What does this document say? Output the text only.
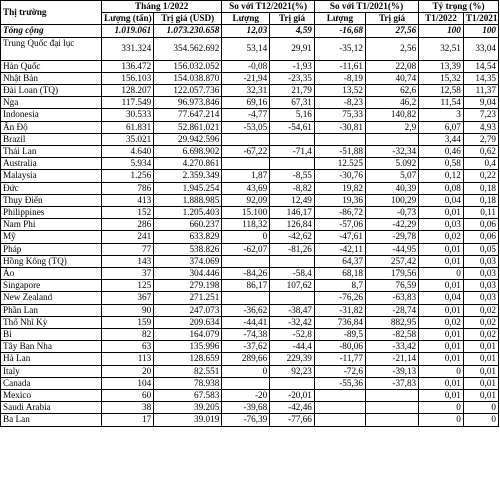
Thị trường	Tháng 1/2022		So với T12/2021(%)		So với T1/2021(%)		Tỷ trọng (%)	
	Lượng (tấn)	Trị giá (USD)	Lượng	Trị giá	Lượng	Trị giá	T1/2022	T1/2021
Tổng cộng	1.019.061	1.073.230.658	12,03	4,59	-16,68	27,56	100	100
Trung Quốc đại lục	331.324	354.562.692	53,14	29,91	-35,12	2,56	32,51	33,04
Hàn Quốc	136.472	156.032.052	-0,08	-1,93	-11,61	22,08	13,39	14,54
Nhật Bản	156.103	154.038.870	-21,94	-23,35	-8,19	40,74	15,32	14,35
Đài Loan (TQ)	128.207	122.057.736	32,31	21,79	13,52	62,6	12,58	11,37
Nga	117.549	96.973.846	69,16	67,31	-8,23	46,2	11,54	9,04
Indonesia	30.533	77.647.214	-4,77	5,16	75,33	140,82	3	7,23
Ấn Độ	61.831	52.861.021	-53,05	-54,61	-30,81	2,9	6,07	4,93
Brazil	35.021	29.942.596					3,44	2,79
Thái Lan	4.640	6.698.902	-67,22	-71,4	-51,88	-32,34	0,46	0,62
Australia	5.934	4.270.861			12.525	5.092	0,58	0,4
Malaysia	1.256	2.359.349	1,87	-8,55	-30,76	5,07	0,12	0,22
Đức	786	1.945.254	43,69	-8,82	19,82	40,39	0,08	0,18
Thụy Điển	413	1.888.985	92,09	12,49	19,36	100,29	0,04	0,18
Philippines	152	1.205.403	15.100	146,17	-86,72	-0,73	0,01	0,11
Nam Phi	286	660.237	118,32	126,84	-57,06	-42,29	0,03	0,06
Mỹ	241	633.829	0	-42,62	-47,61	-29,78	0,02	0,06
Pháp	77	538.826	-62,07	-81,26	-42,11	-44,95	0,01	0,05
Hồng Kông (TQ)	143	374.069			64,37	257,42	0,01	0,03
Áo	37	304.446	-84,26	-58,4	68,18	179,56	0	0,03
Singapore	125	279.198	86,17	107,62	8,7	76,59	0,01	0,03
New Zealand	367	271.251			-76,26	-63,83	0,04	0,03
Phần Lan	90	247.073	-36,62	-38,47	-31,82	-28,74	0,01	0,02
Thổ Nhĩ Kỳ	159	209.634	-44,41	-32,42	736,84	882,95	0,02	0,02
Bỉ	82	164.079	-74,38	-52,8	-89,5	-82,58	0,01	0,02
Tây Ban Nha	63	135.996	-37,62	-44,4	-80,06	-33,42	0,01	0,01
Hà Lan	113	128.659	289,66	229,39	-11,77	-21,14	0,01	0,01
Italy	20	82.551	0	92,23	-72,6	-39,13	0	0,01
Canada	104	78.938			-55,36	-37,83	0,01	0,01
Mexico	60	67.583	-20	-20,01			0,01	0,01
Saudi Arabia	38	39.205	-39,68	-42,46			0	0
Ba Lan	17	39.019	-76,39	-77,66			0	0
